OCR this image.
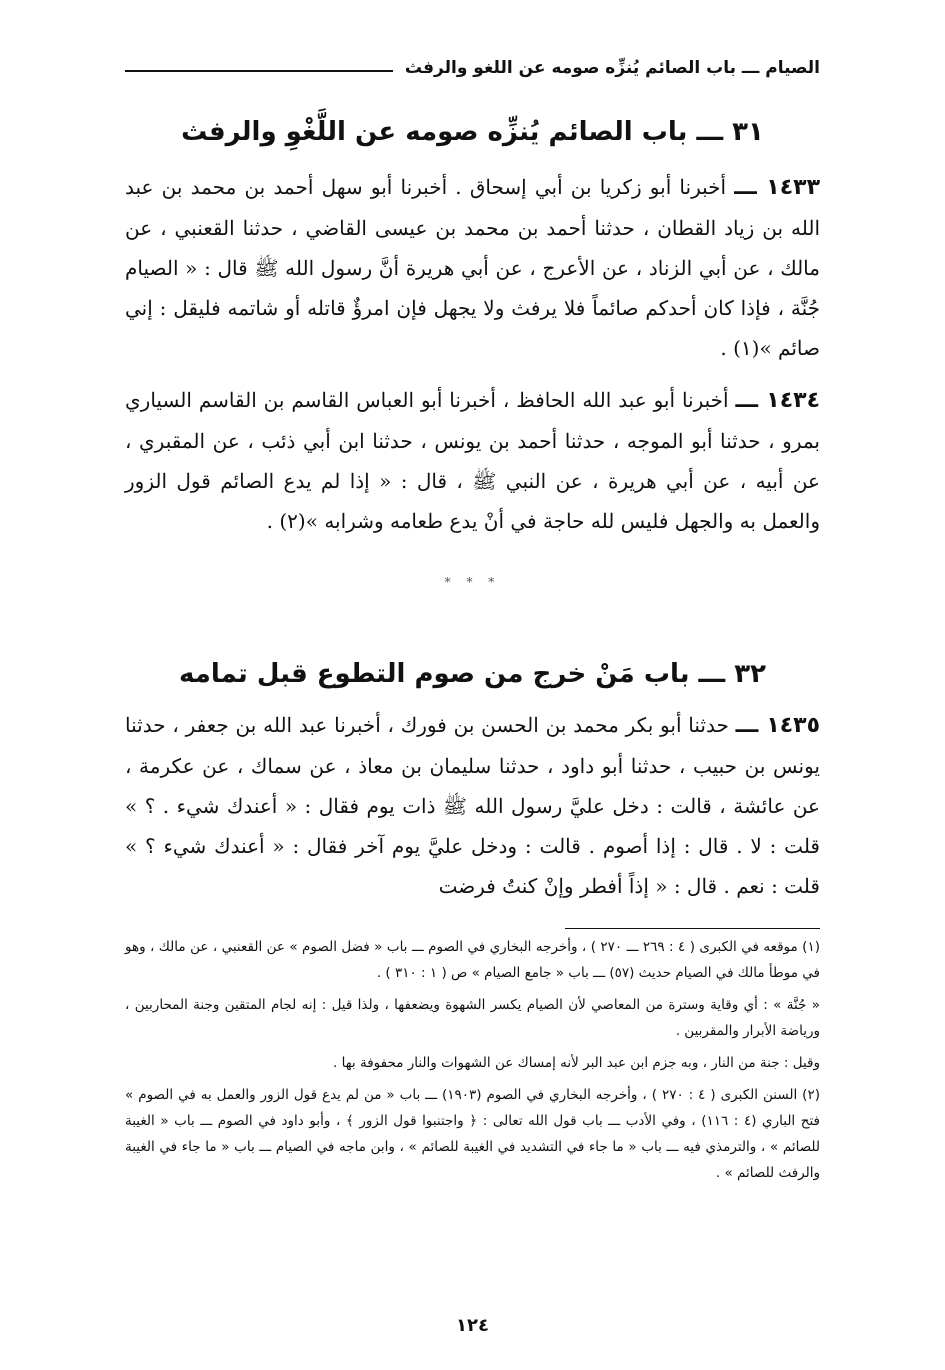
الصيام ـــ باب الصائم يُنزِّه صومه عن اللغو والرفث
٣١ ـــ باب الصائم يُنزِّه صومه عن اللَّغْوِ والرفث
١٤٣٣ ـــ أخبرنا أبو زكريا بن أبي إسحاق . أخبرنا أبو سهل أحمد بن محمد بن عبد الله بن زياد القطان ، حدثنا أحمد بن محمد بن عيسى القاضي ، حدثنا القعنبي ، عن مالك ، عن أبي الزناد ، عن الأعرج ، عن أبي هريرة أنَّ رسول الله ﷺ قال : « الصيام جُنَّة ، فإذا كان أحدكم صائماً فلا يرفث ولا يجهل فإن امرؤٌ قاتله أو شاتمه فليقل : إني صائم »(١) .
١٤٣٤ ـــ أخبرنا أبو عبد الله الحافظ ، أخبرنا أبو العباس القاسم بن القاسم السياري بمرو ، حدثنا أبو الموجه ، حدثنا أحمد بن يونس ، حدثنا ابن أبي ذئب ، عن المقبري ، عن أبيه ، عن أبي هريرة ، عن النبي ﷺ ، قال : « إذا لم يدع الصائم قول الزور والعمل به والجهل فليس لله حاجة في أنْ يدع طعامه وشرابه »(٢) .
* * *
٣٢ ـــ باب مَنْ خرج من صوم التطوع قبل تمامه
١٤٣٥ ـــ حدثنا أبو بكر محمد بن الحسن بن فورك ، أخبرنا عبد الله بن جعفر ، حدثنا يونس بن حبيب ، حدثنا أبو داود ، حدثنا سليمان بن معاذ ، عن سماك ، عن عكرمة ، عن عائشة ، قالت : دخل عليَّ رسول الله ﷺ ذات يوم فقال : « أعندك شيء . ؟ » قلت : لا . قال : إذا أصوم . قالت : ودخل عليَّ يوم آخر فقال : « أعندك شيء ؟ » قلت : نعم . قال : « إذاً أفطر وإنْ كنتُ فرضت

(١) موقعه في الكبرى ( ٤ : ٢٦٩ ـــ ٢٧٠ ) ، وأخرجه البخاري في الصوم ـــ باب « فضل الصوم » عن القعنبي ، عن مالك ، وهو في موطأ مالك في الصيام حديث (٥٧) ـــ باب « جامع الصيام » ص ( ١ : ٣١٠ ) .

« جُنَّة » : أي وقاية وسترة من المعاصي لأن الصيام يكسر الشهوة ويضعفها ، ولذا قيل : إنه لجام المتقين وجنة المحاربين ، ورياضة الأبرار والمقربين .

وقيل : جنة من النار ، وبه جزم ابن عبد البر لأنه إمساك عن الشهوات والنار محفوفة بها .

(٢) السنن الكبرى ( ٤ : ٢٧٠ ) ، وأخرجه البخاري في الصوم (١٩٠٣) ـــ باب « من لم يدع قول الزور والعمل به في الصوم » فتح الباري (٤ : ١١٦) ، وفي الأدب ـــ باب قول الله تعالى : ﴿ واجتنبوا قول الزور ﴾ ، وأبو داود في الصوم ـــ باب « الغيبة للصائم » ، والترمذي فيه ـــ باب « ما جاء في التشديد في الغيبة للصائم » ، وابن ماجه في الصيام ـــ باب « ما جاء في الغيبة والرفث للصائم » .

١٢٤
